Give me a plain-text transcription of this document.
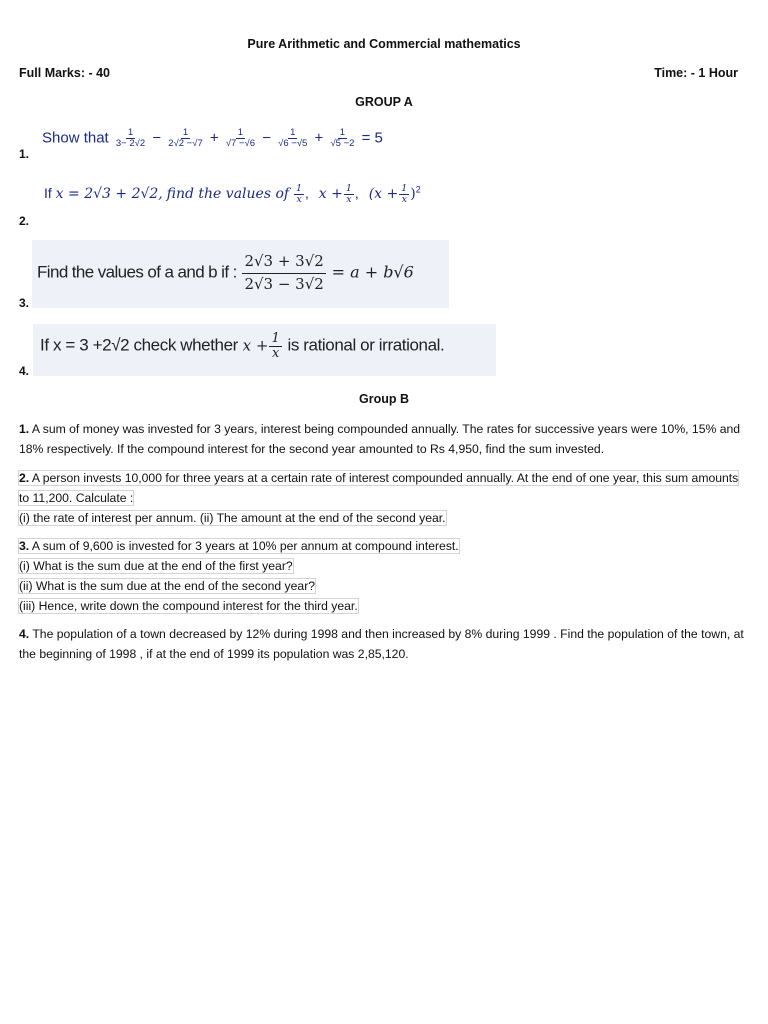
Pure Arithmetic and Commercial mathematics
Full Marks: - 40	Time: - 1 Hour
GROUP A
1.
Show that $\frac{1}{3- 2√2} - \frac{1}{2√2 -√7} + \frac{1}{√7 -√6} - \frac{1}{√6 -√5} + \frac{1}{√5 -2} = 5$
2.
If x = 2√3 + 2√2, find the values of $\frac{1}{x}$ , $x + \frac{1}{x}$ , $(x + \frac{1}{x} )^2$
3.
Find the values of a and b if : $\frac{2√3 + 3√2}{2√3 - 3√2} = a + b√6$
4.
If x = 3 +2√2 check whether $x + \frac{1}{x}$ is rational or irrational.
Group B
1. A sum of money was invested for 3 years, interest being compounded annually. The rates for successive years were 10%, 15% and 18% respectively. If the compound interest for the second year amounted to Rs 4,950, find the sum invested.
2. A person invests 10,000 for three years at a certain rate of interest compounded annually. At the end of one year, this sum amounts to 11,200. Calculate :
(i) the rate of interest per annum. (ii) The amount at the end of the second year.
3. A sum of 9,600 is invested for 3 years at 10% per annum at compound interest.
(i) What is the sum due at the end of the first year?
(ii) What is the sum due at the end of the second year?
(iii) Hence, write down the compound interest for the third year.
4. The population of a town decreased by 12% during 1998 and then increased by 8% during 1999 . Find the population of the town, at the beginning of 1998 , if at the end of 1999 its population was 2,85,120.
